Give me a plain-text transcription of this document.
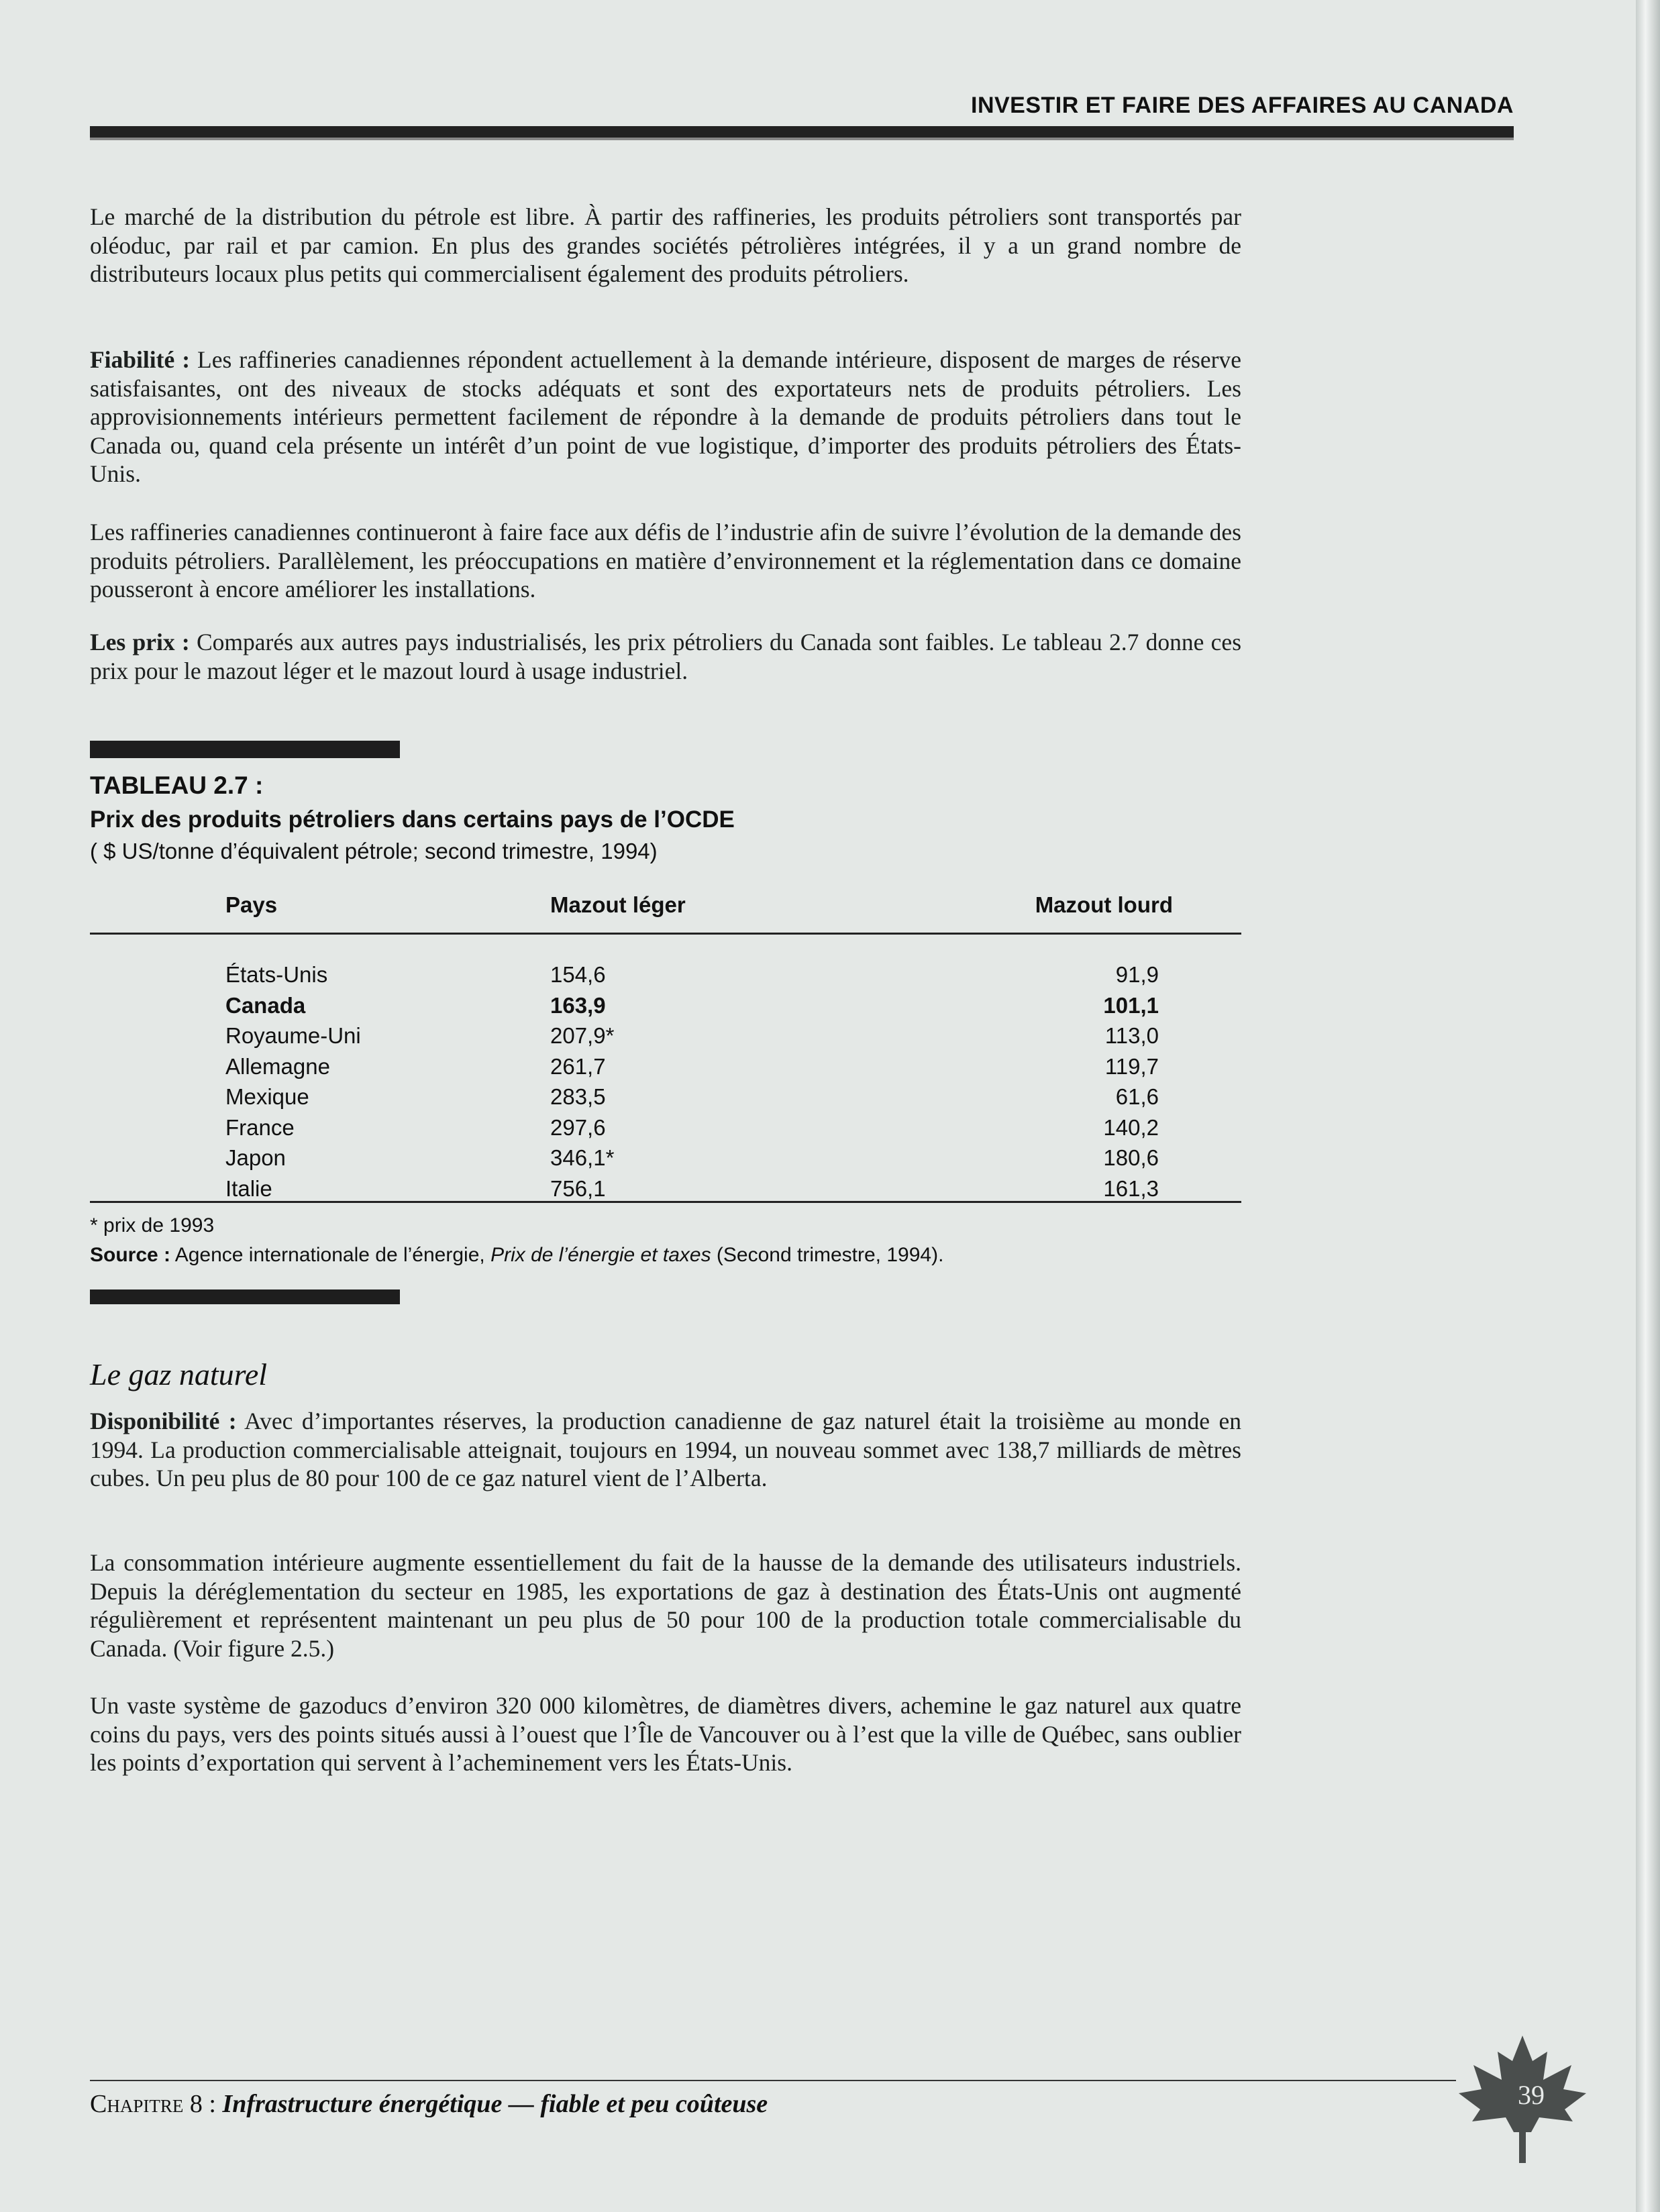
INVESTIR ET FAIRE DES AFFAIRES AU CANADA

Le marché de la distribution du pétrole est libre. À partir des raffineries, les produits pétroliers sont transportés par oléoduc, par rail et par camion. En plus des grandes sociétés pétrolières intégrées, il y a un grand nombre de distributeurs locaux plus petits qui commercialisent également des produits pétroliers.

Fiabilité : Les raffineries canadiennes répondent actuellement à la demande intérieure, disposent de marges de réserve satisfaisantes, ont des niveaux de stocks adéquats et sont des exportateurs nets de produits pétroliers. Les approvisionnements intérieurs permettent facilement de répondre à la demande de produits pétroliers dans tout le Canada ou, quand cela présente un intérêt d’un point de vue logistique, d’importer des produits pétroliers des États-Unis.

Les raffineries canadiennes continueront à faire face aux défis de l’industrie afin de suivre l’évolution de la demande des produits pétroliers. Parallèlement, les préoccupations en matière d’environnement et la réglementation dans ce domaine pousseront à encore améliorer les installations.

Les prix : Comparés aux autres pays industrialisés, les prix pétroliers du Canada sont faibles. Le tableau 2.7 donne ces prix pour le mazout léger et le mazout lourd à usage industriel.

TABLEAU 2.7 :
Prix des produits pétroliers dans certains pays de l’OCDE
( $ US/tonne d’équivalent pétrole; second trimestre, 1994)
Pays	Mazout léger	Mazout lourd
États-Unis	154,6	91,9
Canada	163,9	101,1
Royaume-Uni	207,9*	113,0
Allemagne	261,7	119,7
Mexique	283,5	61,6
France	297,6	140,2
Japon	346,1*	180,6
Italie	756,1	161,3
* prix de 1993
Source : Agence internationale de l’énergie, Prix de l’énergie et taxes (Second trimestre, 1994).
Le gaz naturel

Disponibilité : Avec d’importantes réserves, la production canadienne de gaz naturel était la troisième au monde en 1994. La production commercialisable atteignait, toujours en 1994, un nouveau sommet avec 138,7 milliards de mètres cubes. Un peu plus de 80 pour 100 de ce gaz naturel vient de l’Alberta.

La consommation intérieure augmente essentiellement du fait de la hausse de la demande des utilisateurs industriels. Depuis la déréglementation du secteur en 1985, les exportations de gaz à destination des États-Unis ont augmenté régulièrement et représentent maintenant un peu plus de 50 pour 100 de la production totale commercialisable du Canada. (Voir figure 2.5.)

Un vaste système de gazoducs d’environ 320 000 kilomètres, de diamètres divers, achemine le gaz naturel aux quatre coins du pays, vers des points situés aussi à l’ouest que l’Île de Vancouver ou à l’est que la ville de Québec, sans oublier les points d’exportation qui servent à l’acheminement vers les États-Unis.

Chapitre 8 : Infrastructure énergétique — fiable et peu coûteuse	39
